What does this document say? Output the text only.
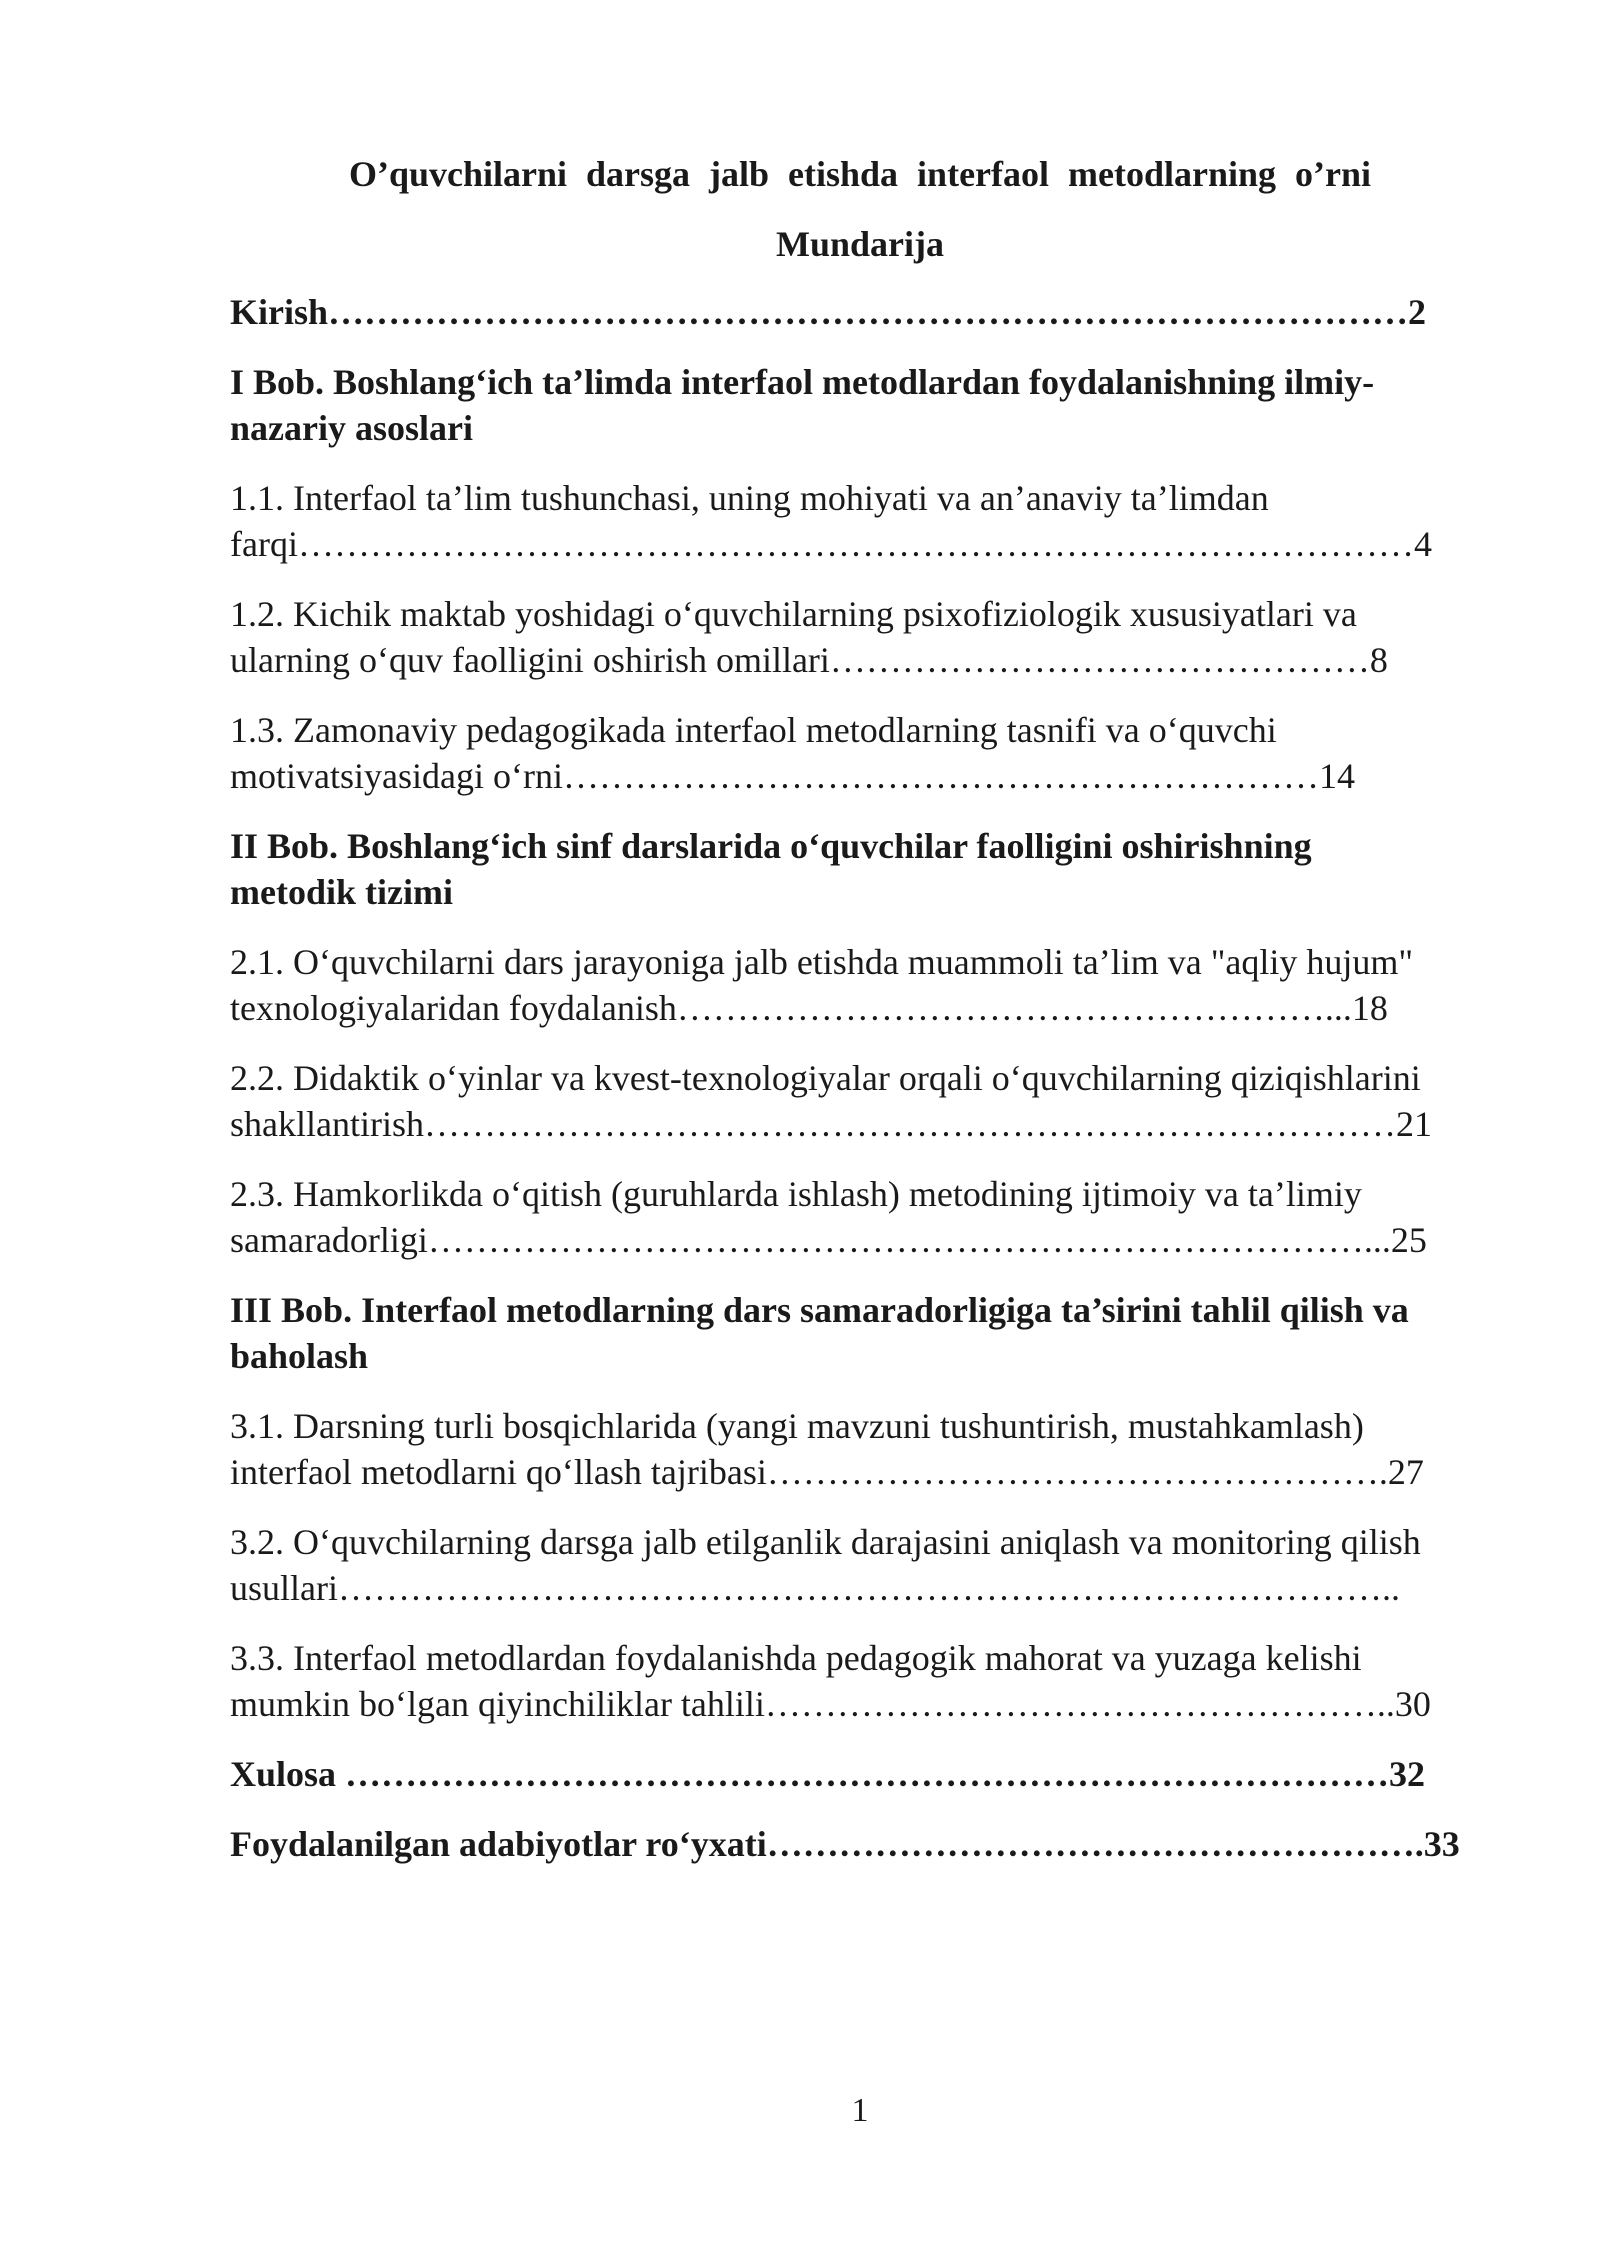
O’quvchilarni darsga jalb etishda interfaol metodlarning o’rni
Mundarija

Kirish………………………………………………………………………………2

I Bob. Boshlang‘ich ta’limda interfaol metodlardan foydalanishning ilmiy-
nazariy asoslari

1.1. Interfaol ta’lim tushunchasi, uning mohiyati va an’anaviy ta’limdan
farqi…………………………………………………………………………………4

1.2. Kichik maktab yoshidagi o‘quvchilarning psixofiziologik xususiyatlari va
ularning o‘quv faolligini oshirish omillari………………………………………8

1.3. Zamonaviy pedagogikada interfaol metodlarning tasnifi va o‘quvchi
motivatsiyasidagi o‘rni………………………………………………………14

II Bob. Boshlang‘ich sinf darslarida o‘quvchilar faolligini oshirishning
metodik tizimi

2.1. O‘quvchilarni dars jarayoniga jalb etishda muammoli ta’lim va "aqliy hujum"
texnologiyalaridan foydalanish………………………………………………...18

2.2. Didaktik o‘yinlar va kvest-texnologiyalar orqali o‘quvchilarning qiziqishlarini
shakllantirish………………………………………………………………………21

2.3. Hamkorlikda o‘qitish (guruhlarda ishlash) metodining ijtimoiy va ta’limiy
samaradorligi……………………………………………………………………...25

III Bob. Interfaol metodlarning dars samaradorligiga ta’sirini tahlil qilish va
baholash

3.1. Darsning turli bosqichlarida (yangi mavzuni tushuntirish, mustahkamlash)
interfaol metodlarni qo‘llash tajribasi…………………………………………….27

3.2. O‘quvchilarning darsga jalb etilganlik darajasini aniqlash va monitoring qilish
usullari……………………………………………………………………………..

3.3. Interfaol metodlardan foydalanishda pedagogik mahorat va yuzaga kelishi
mumkin bo‘lgan qiyinchiliklar tahlili……………………………………………..30

Xulosa ……………………………………………………………………………32

Foydalanilgan adabiyotlar ro‘yxati……………………………………………….33

1
